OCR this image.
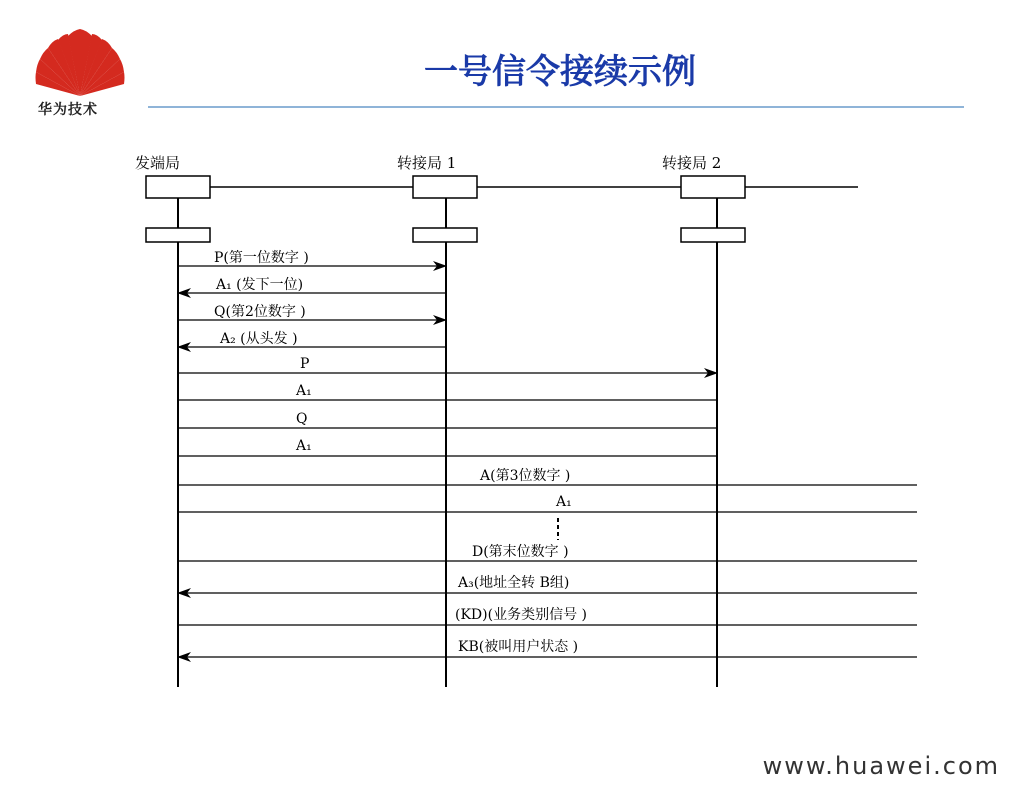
华为技术
一号信令接续示例
发端局	转接局 1	转接局 2
P(第一位数字 )
A₁ (发下一位)
Q(第2位数字 )
A₂ (从头发 )
P
A₁
Q
A₁
A(第3位数字 )
A₁
D(第末位数字 )
A₃(地址全转 B组)
(KD)(业务类别信号 )
KB(被叫用户状态 )
www.huawei.com
